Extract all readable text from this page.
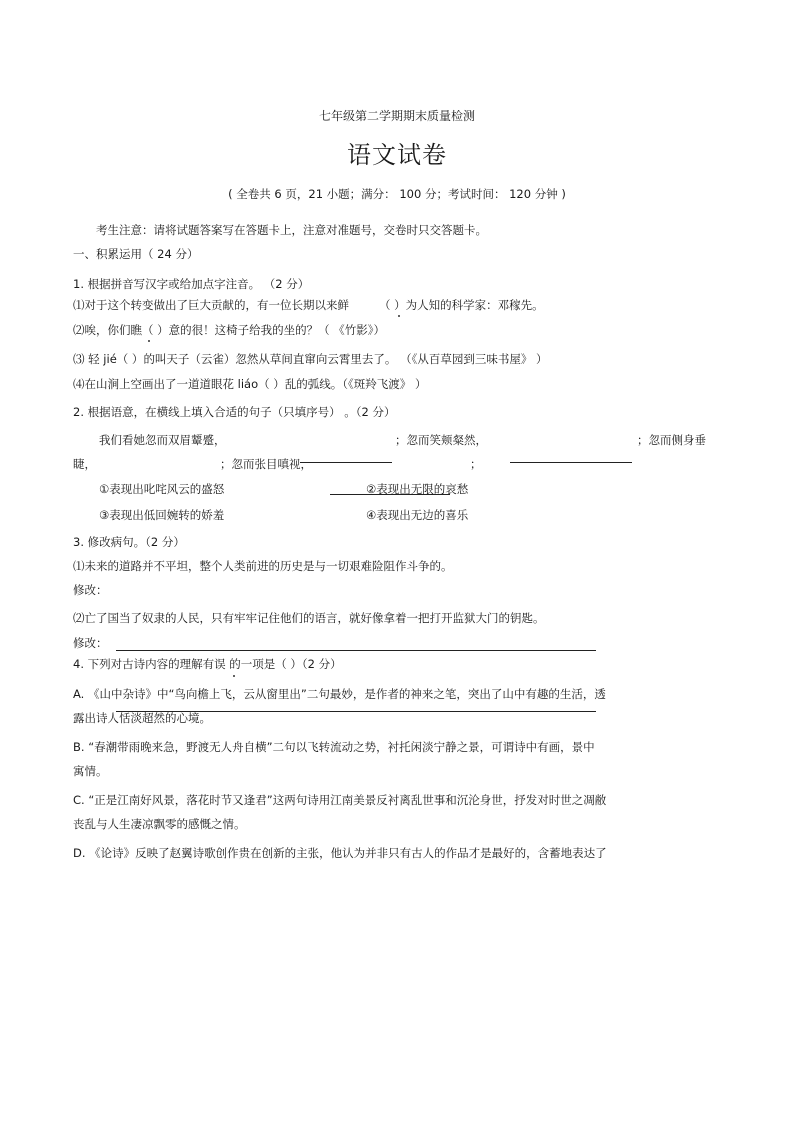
七年级第二学期期末质量检测
语文试卷
( 全卷共 6 页，21 小题；满分： 100 分；考试时间： 120 分钟 )
考生注意：请将试题答案写在答题卡上，注意对准题号，交卷时只交答题卡。
一、积累运用（ 24 分）
1. 根据拼音写汉字或给加点字注音。 （2 分）
⑴对于这个转变做出了巨大贡献的，有一位长期以来鲜	（ ）为人知的科学家：邓稼先。
⑵唉，你们瞧（ ）意的很！这椅子给我的坐的？（ 《竹影》）
⑶ 轻 jié（ ）的叫天子（云雀）忽然从草间直窜向云霄里去了。 （《从百草园到三味书屋》 ）
⑷在山涧上空画出了一道道眼花 liáo（ ）乱的弧线。（《斑羚飞渡》 ）
2. 根据语意，在横线上填入合适的句子（只填序号） 。（2 分）
我们看她忽而双眉颦蹙，	；忽而笑颊粲然，	；忽而侧身垂
睫，	；忽而张目嗔视，	；
①表现出叱咤风云的盛怒	②表现出无限的哀愁
③表现出低回婉转的娇羞	④表现出无边的喜乐
3. 修改病句。（2 分）
⑴未来的道路并不平坦，整个人类前进的历史是与一切艰难险阻作斗争的。
修改：
⑵亡了国当了奴隶的人民，只有牢牢记住他们的语言，就好像拿着一把打开监狱大门的钥匙。
修改：
4. 下列对古诗内容的理解有误 的一项是（ ）（2 分）
A. 《山中杂诗》中“鸟向檐上飞，云从窗里出”二句最妙，是作者的神来之笔，突出了山中有趣的生活，透
露出诗人恬淡超然的心境。
B. “春潮带雨晚来急，野渡无人舟自横”二句以飞转流动之势，衬托闲淡宁静之景，可谓诗中有画，景中
寓情。
C. “正是江南好风景，落花时节又逢君”这两句诗用江南美景反衬离乱世事和沉沦身世，抒发对时世之凋敝
丧乱与人生凄凉飘零的感慨之情。
D. 《论诗》反映了赵翼诗歌创作贵在创新的主张，他认为并非只有古人的作品才是最好的，含蓄地表达了
